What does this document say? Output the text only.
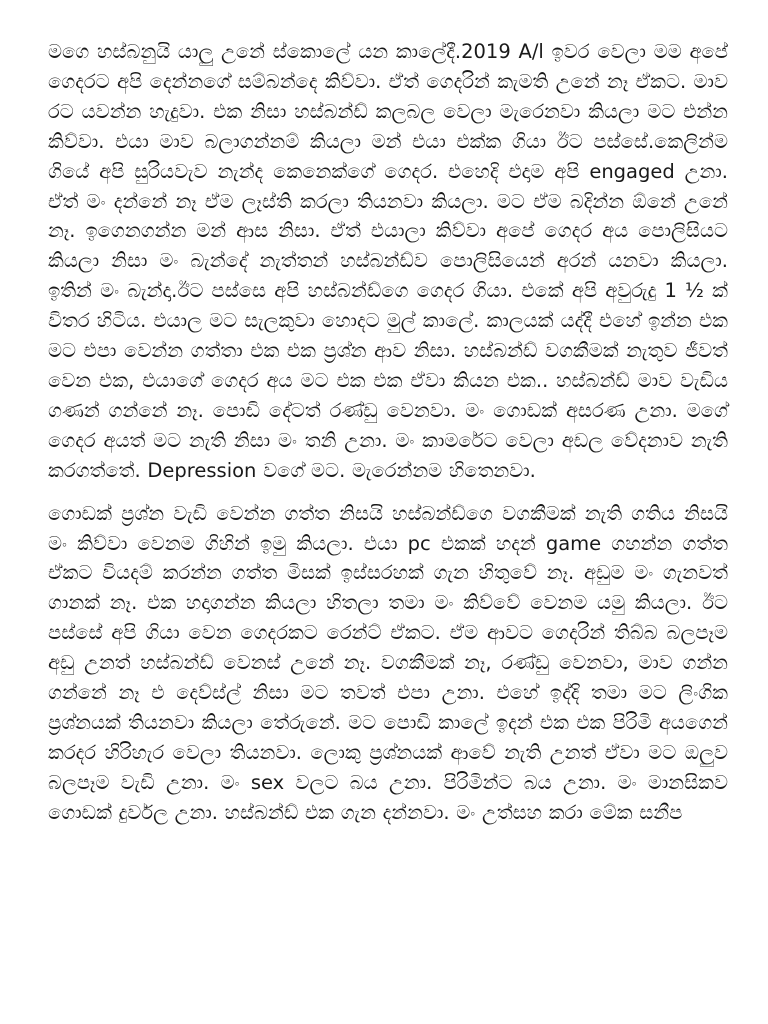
මගෙ හස්බනුයි යාලු උනේ ස්කොලේ යන කාලේදී.2019 A/l ඉවර වෙලා මම අපේ ගෙදරට අපි දෙන්නගේ සම්බන්දෙ කිව්වා. ඒත් ගෙදරින් කැමති උනේ නෑ ඒකට. මාව රට යවන්න හැදුවා. එක නිසා හස්බන්ඩ් කලබල වෙලා මැරෙනවා කියලා මට එන්න කිව්වා. එයා මාව බලාගන්නම් කියලා මන් එයා එක්ක ගියා ඊට පස්සේ.කෙලින්ම ගියේ අපි සුරියවැව නැන්ද කෙනෙක්ගේ ගෙදර. එහෙදි එදාම අපි engaged උනා. ඒත් මං දන්නේ නෑ ඒම ලෑස්ති කරලා තියනවා කියලා. මට ඒම බදින්න ඕනේ උනේ නෑ. ඉගෙනගන්න මන් ආස නිසා. ඒත් එයාලා කිව්වා අපේ ගෙදර අය පොලිසියට කියලා නිසා මං බැන්දේ නැත්තන් හස්බන්ඩ්ව පොලිසියෙන් අරන් යනවා කියලා. ඉතින් මං බැන්දා.ඊට පස්සෙ අපි හස්බන්ඩ්ගෙ ගෙදර ගියා. එකේ අපි අවුරුදු 1 ½ ක් විතර හිටිය. එයාල මට සැලකුවා හොදට මුල් කාලේ. කාලයක් යද්දී එහේ ඉන්න එක මට එපා වෙන්න ගත්තා එක එක ප්‍රශ්න ආව නිසා. හස්බන්ඩ් වගකීමක් නැතුව ජීවත් වෙන එක, එයාගේ ගෙදර අය මට එක එක ඒවා කියන එක.. හස්බන්ඩ් මාව වැඩිය ගණන් ගන්නේ නෑ. පොඩි දේටත් රණ්ඩු වෙනවා. මං ගොඩක් අසරණ උනා. මගේ ගෙදර අයත් මට නැති නිසා මං තනි උනා. මං කාමරේට වෙලා අඩල වේදනාව නැති කරගත්තේ. Depression වගේ මට. මැරෙන්නම හිතෙනවා.

ගොඩක් ප්‍රශ්න වැඩි වෙන්න ගත්ත නිසයි හස්බන්ඩ්ගෙ වගකීමක් නැති ගතිය නිසයි මං කිව්වා වෙනම ගිහින් ඉමු කියලා. එයා pc එකක් හදන් game ගහන්න ගත්ත ඒකට වියදම් කරන්න ගත්ත මිසක් ඉස්සරහක් ගැන හිතුවේ නෑ. අඩුම මං ගැනවත් ගානක් නෑ. එක හදාගන්න කියලා හිතලා තමා මං කිව්වේ වෙනම යමු කියලා. ඊට පස්සේ අපි ගියා වෙන ගෙදරකට රෙන්ට් ඒකට. ඒම ආවට ගෙදරින් තිබ්බ බලපෑම අඩු උනත් හස්බන්ඩ් වෙනස් උනේ නෑ. වගකීමක් නෑ, රණ්ඩු වෙනවා, මාව ගන්න ගන්නේ නෑ එ දෙව්ස්ල් නිසා මට තවත් එපා උනා. එහේ ඉද්දි තමා මට ලිංගික ප්‍රශ්නයක් තියනවා කියලා තේරුනේ. මට පොඩි කාලේ ඉදන් එක එක පිරිමි අයගෙන් කරදර හිරිහැර වෙලා තියනවා. ලොකු ප්‍රශ්නයක් ආවේ නැති උනත් ඒවා මට ඔලුව බලපෑම වැඩි උනා. මං sex වලට බය උනා. පිරිමින්ට බය උනා. මං මානසිකව ගොඩක් දුර්වල උනා. හස්බන්ඩ් එක ගැන දන්නවා. මං උත්සහ කරා මේක සනීප
